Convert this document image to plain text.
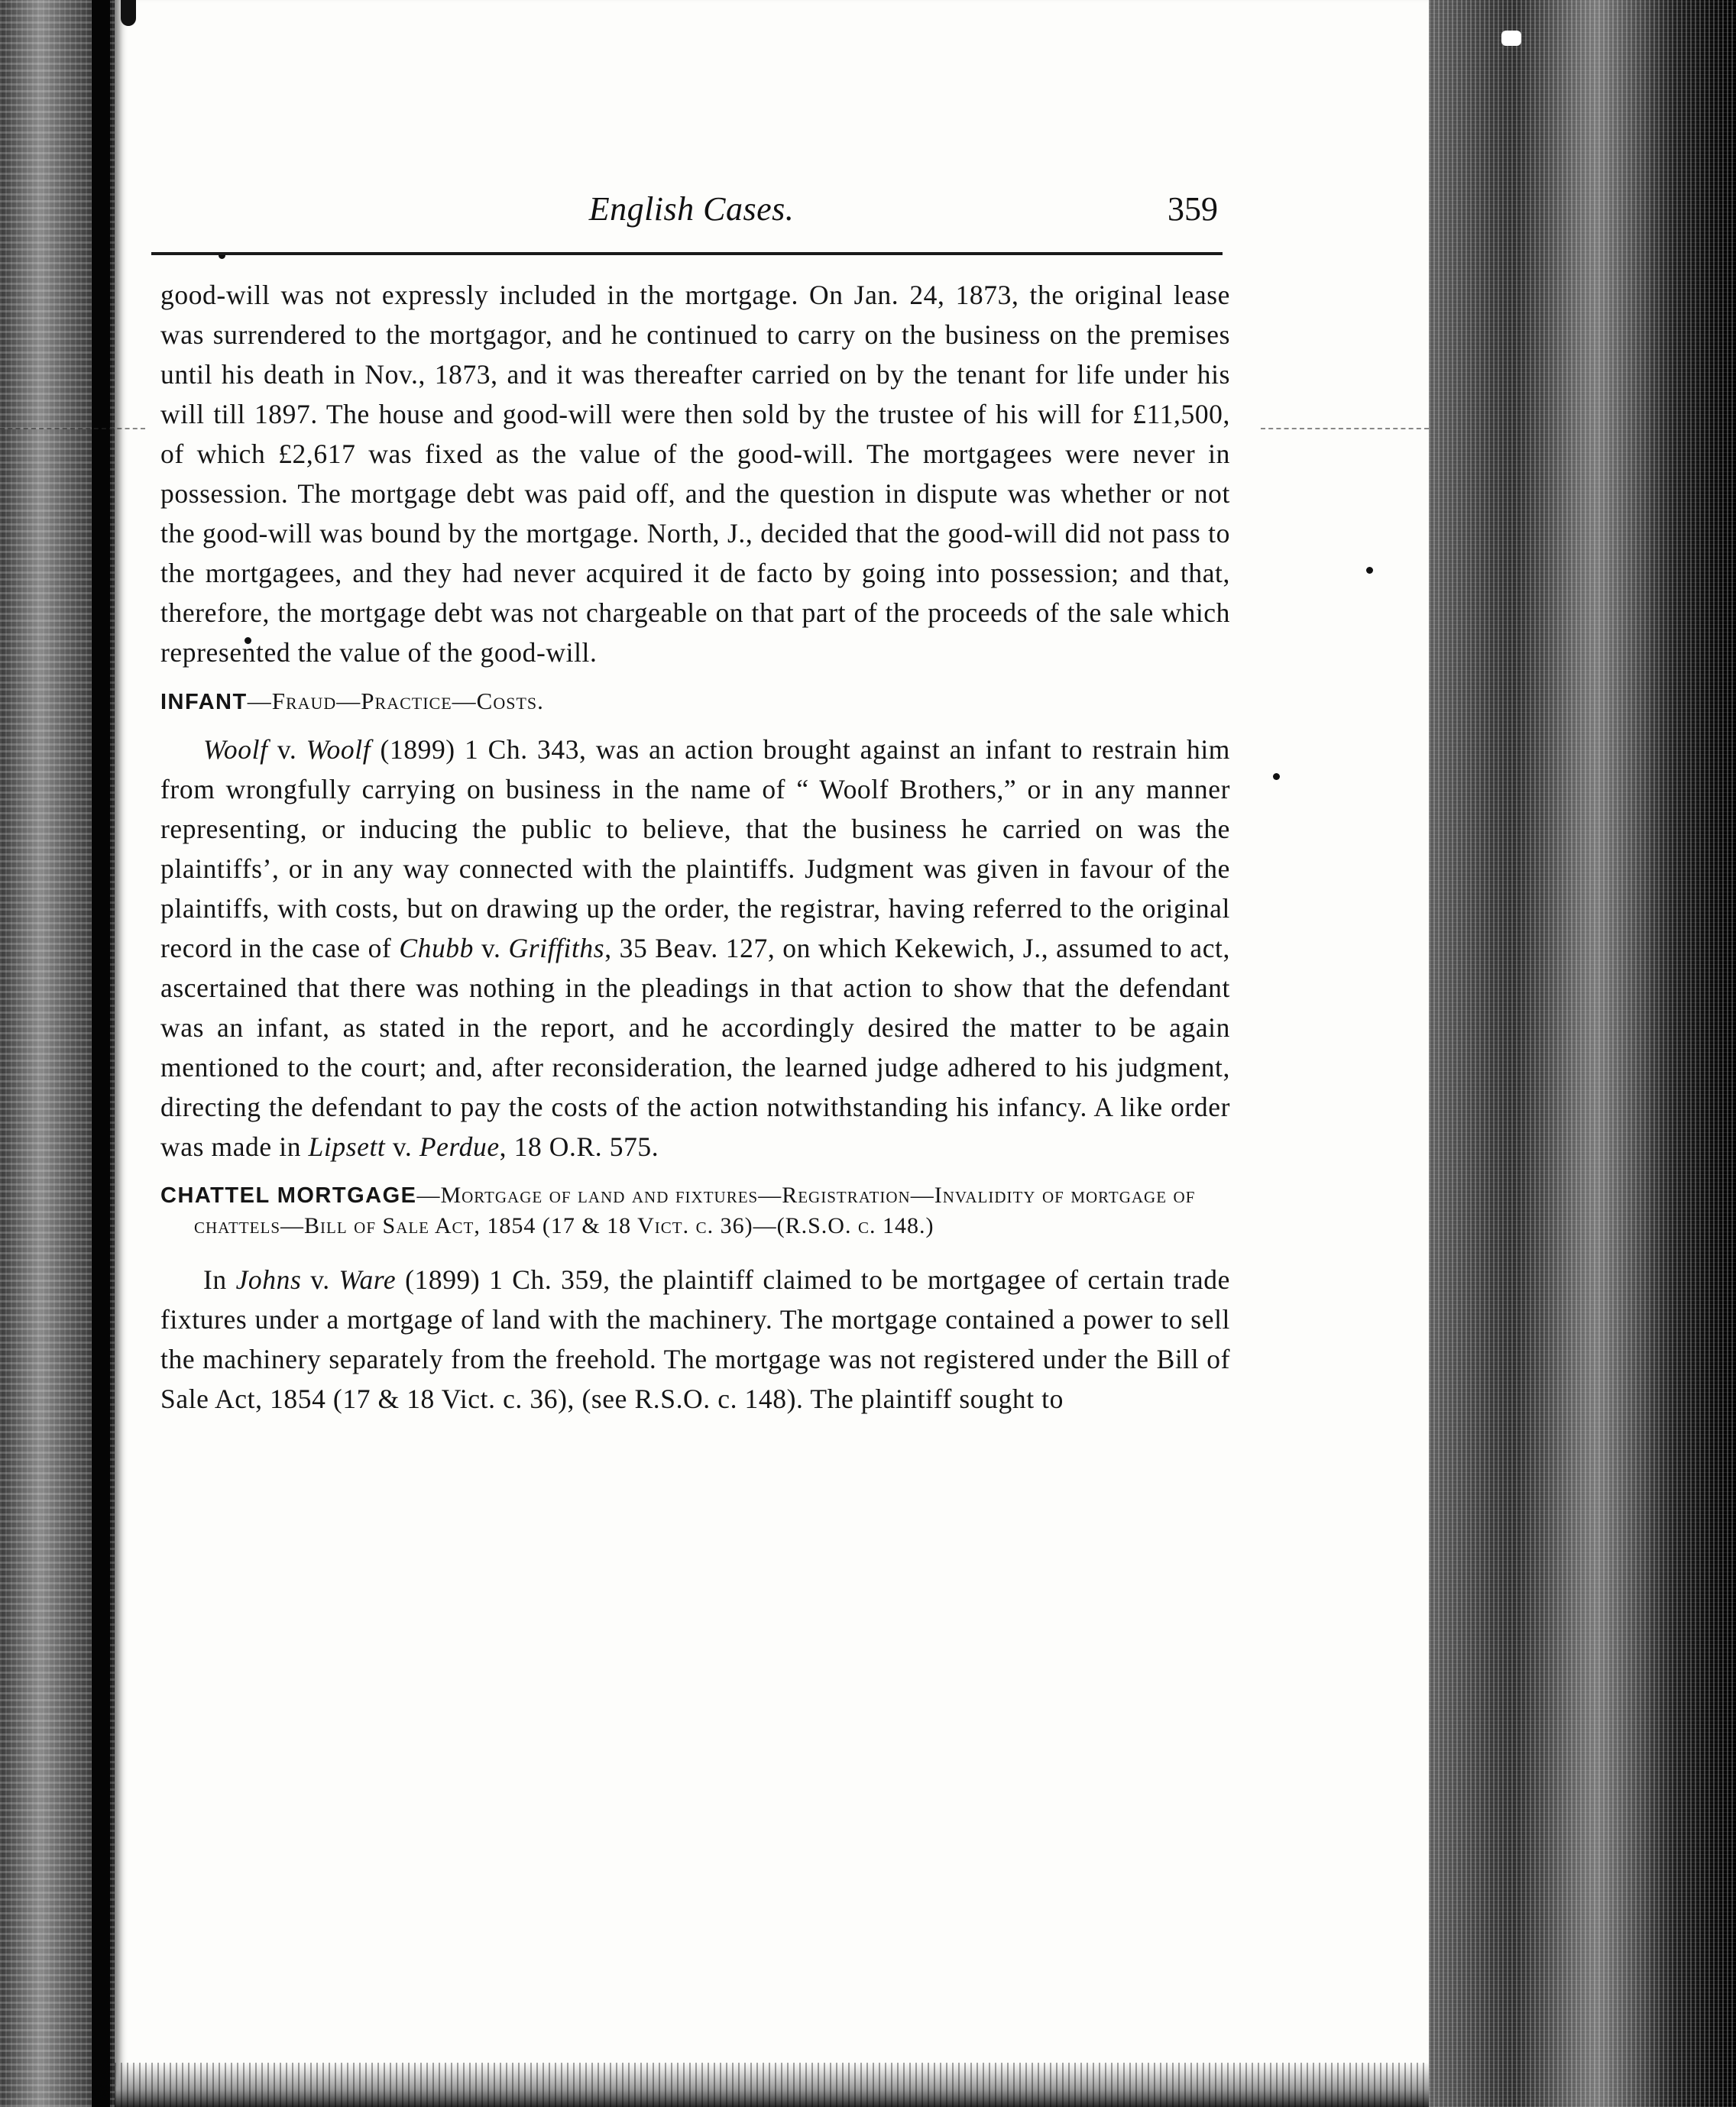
English Cases.	359

good-will was not expressly included in the mortgage. On Jan. 24, 1873, the original lease was surrendered to the mortgagor, and he continued to carry on the business on the premises until his death in Nov., 1873, and it was thereafter carried on by the tenant for life under his will till 1897. The house and good-will were then sold by the trustee of his will for £11,500, of which £2,617 was fixed as the value of the good-will. The mortgagees were never in possession. The mortgage debt was paid off, and the question in dispute was whether or not the good-will was bound by the mortgage. North, J., decided that the good-will did not pass to the mortgagees, and they had never acquired it de facto by going into possession; and that, therefore, the mortgage debt was not chargeable on that part of the proceeds of the sale which represented the value of the good-will.

INFANT—Fraud—Practice—Costs.

Woolf v. Woolf (1899) 1 Ch. 343, was an action brought against an infant to restrain him from wrongfully carrying on business in the name of “ Woolf Brothers,” or in any manner representing, or inducing the public to believe, that the business he carried on was the plaintiffs’, or in any way connected with the plaintiffs. Judgment was given in favour of the plaintiffs, with costs, but on drawing up the order, the registrar, having referred to the original record in the case of Chubb v. Griffiths, 35 Beav. 127, on which Kekewich, J., assumed to act, ascertained that there was nothing in the pleadings in that action to show that the defendant was an infant, as stated in the report, and he accordingly desired the matter to be again mentioned to the court; and, after reconsideration, the learned judge adhered to his judgment, directing the defendant to pay the costs of the action notwithstanding his infancy. A like order was made in Lipsett v. Perdue, 18 O.R. 575.

CHATTEL MORTGAGE—Mortgage of land and fixtures—Registration—Invalidity of mortgage of chattels—Bill of Sale Act, 1854 (17 & 18 Vict. c. 36)—(R.S.O. c. 148.)

In Johns v. Ware (1899) 1 Ch. 359, the plaintiff claimed to be mortgagee of certain trade fixtures under a mortgage of land with the machinery. The mortgage contained a power to sell the machinery separately from the freehold. The mortgage was not registered under the Bill of Sale Act, 1854 (17 & 18 Vict. c. 36), (see R.S.O. c. 148). The plaintiff sought to
